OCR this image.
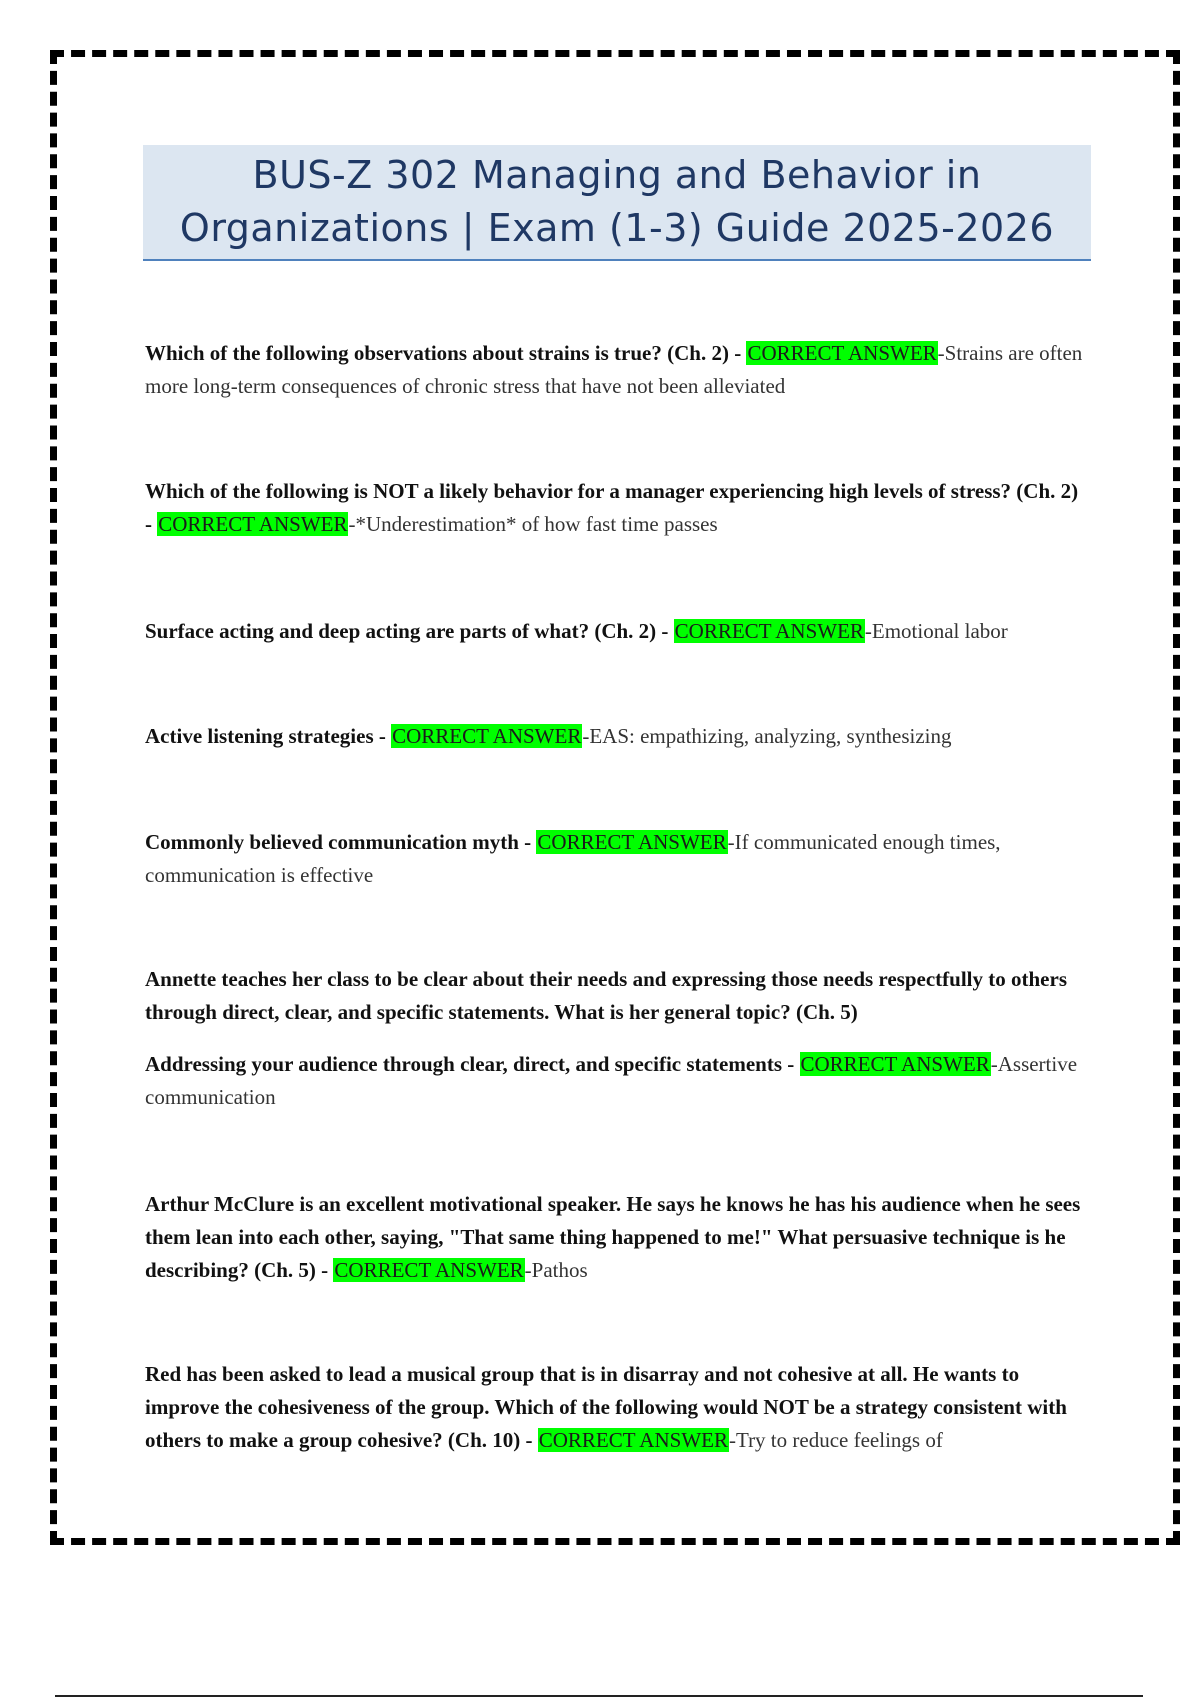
BUS-Z 302 Managing and Behavior in
Organizations | Exam (1-3) Guide 2025-2026
Which of the following observations about strains is true? (Ch. 2) - CORRECT ANSWER-Strains are often more long-term consequences of chronic stress that have not been alleviated
Which of the following is NOT a likely behavior for a manager experiencing high levels of stress? (Ch. 2) - CORRECT ANSWER-*Underestimation* of how fast time passes
Surface acting and deep acting are parts of what? (Ch. 2) - CORRECT ANSWER-Emotional labor
Active listening strategies - CORRECT ANSWER-EAS: empathizing, analyzing, synthesizing
Commonly believed communication myth - CORRECT ANSWER-If communicated enough times, communication is effective
Annette teaches her class to be clear about their needs and expressing those needs respectfully to others through direct, clear, and specific statements. What is her general topic? (Ch. 5)
Addressing your audience through clear, direct, and specific statements - CORRECT ANSWER-Assertive communication
Arthur McClure is an excellent motivational speaker. He says he knows he has his audience when he sees them lean into each other, saying, "That same thing happened to me!" What persuasive technique is he describing? (Ch. 5) - CORRECT ANSWER-Pathos
Red has been asked to lead a musical group that is in disarray and not cohesive at all. He wants to improve the cohesiveness of the group. Which of the following would NOT be a strategy consistent with others to make a group cohesive? (Ch. 10) - CORRECT ANSWER-Try to reduce feelings of
